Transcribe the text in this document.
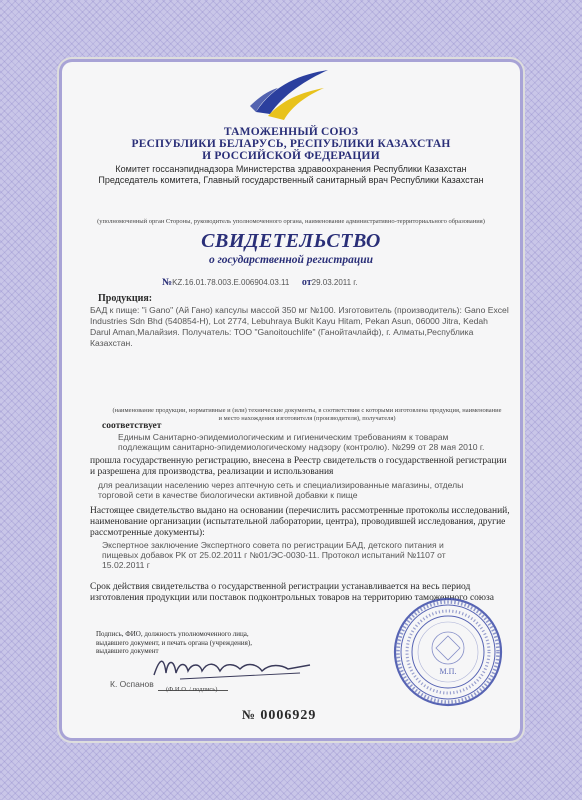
ТАМОЖЕННЫЙ СОЮЗ
РЕСПУБЛИКИ БЕЛАРУСЬ, РЕСПУБЛИКИ КАЗАХСТАН
И РОССИЙСКОЙ ФЕДЕРАЦИИ
Комитет госсанэпиднадзора Министерства здравоохранения Республики Казахстан
Председатель комитета, Главный государственный санитарный врач Республики Казахстан
(уполномоченный орган Стороны, руководитель уполномоченного органа, наименование административно-территориального образования)
СВИДЕТЕЛЬСТВО
о государственной регистрации
№KZ.16.01.78.003.E.006904.03.11 от29.03.2011 г.
Продукция:
БАД к пище: "i Gano" (Ай Гано) капсулы массой 350 мг №100. Изготовитель (производитель): Gano Excel Industries Sdn Bhd (540854-H), Lot 2774, Lebuhraya Bukit Kayu Hitam, Pekan Asun, 06000 Jitra, Kedah Darul Aman,Малайзия. Получатель: ТОО "Ganoitouchlife" (Ганойтачлайф), г. Алматы,Республика Казахстан.
(наименование продукции, нормативные и (или) технические документы, в соответствии с которыми изготовлена продукция, наименование
и место нахождения изготовителя (производителя), получателя)
соответствует
Единым Санитарно-эпидемиологическим и гигиеническим требованиям к товарам
подлежащим санитарно-эпидемиологическому надзору (контролю). №299 от 28 мая 2010 г.
прошла государственную регистрацию, внесена в Реестр свидетельств о государственной регистрации и разрешена для производства, реализации и использования
для реализации населению через аптечную сеть и специализированные магазины, отделы
торговой сети в качестве биологически активной добавки к пище
Настоящее свидетельство выдано на основании (перечислить рассмотренные протоколы исследований, наименование организации (испытательной лаборатории, центра), проводившей исследования, другие рассмотренные документы):
Экспертное заключение Экспертного совета по регистрации БАД, детского питания и
пищевых добавок РК от 25.02.2011 г №01/ЭС-0030-11. Протокол испытаний №1107 от
15.02.2011 г
Срок действия свидетельства о государственной регистрации устанавливается на весь период изготовления продукции или поставок подконтрольных товаров на территорию таможенного союза
Подпись, ФИО, должность уполномоченного лица,
выдавшего документ, и печать органа (учреждения),
выдавшего документ
К. Оспанов
(Ф.И.О. / подпись)
№ 0006929
М.П.
